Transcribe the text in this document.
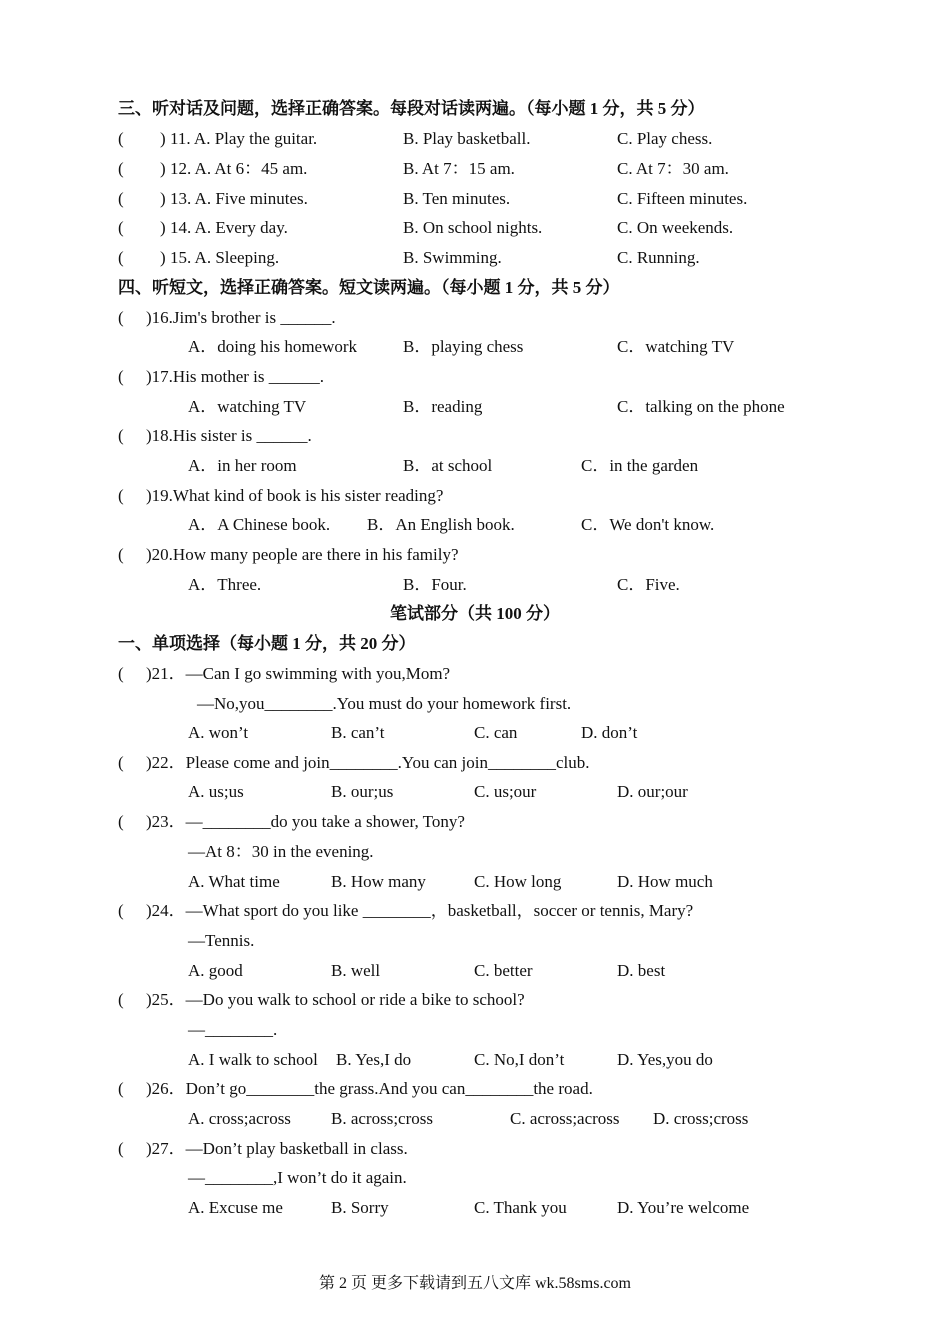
三、听对话及问题，选择正确答案。每段对话读两遍。（每小题 1 分，共 5 分）
( ) 11. A. Play the guitar.	B. Play basketball.	C. Play chess.
( ) 12. A. At 6：45 am.	B. At 7：15 am.	C. At 7：30 am.
( ) 13. A. Five minutes.	B. Ten minutes.	C. Fifteen minutes.
( ) 14. A. Every day.	B. On school nights.	C. On weekends.
( ) 15. A. Sleeping.	B. Swimming.	C. Running.
四、听短文，选择正确答案。短文读两遍。（每小题 1 分，共 5 分）
( )16.Jim's brother is ______.
A．doing his homework	B．playing chess	C．watching TV
( )17.His mother is ______.
A．watching TV	B．reading	C．talking on the phone
( )18.His sister is ______.
A．in her room	B．at school	C．in the garden
( )19.What kind of book is his sister reading?
A．A Chinese book. B．An English book.	C．We don't know.
( )20.How many people are there in his family?
A．Three.	B．Four.	C．Five.
笔试部分（共 100 分）
一、单项选择（每小题 1 分，共 20 分）
( )21．—Can I go swimming with you,Mom?
—No,you________.You must do your homework first.
A. won’t	B. can’t	C. can	D. don’t
( )22．Please come and join________.You can join________club.
A. us;us	B. our;us	C. us;our	D. our;our
( )23．—________do you take a shower, Tony?
—At 8：30 in the evening.
A. What time	B. How many	C. How long	D. How much
( )24．—What sport do you like ________，basketball，soccer or tennis, Mary?
—Tennis.
A. good	B. well	C. better	D. best
( )25．—Do you walk to school or ride a bike to school?
—________.
A. I walk to school B. Yes,I do	C. No,I don’t	D. Yes,you do
( )26．Don’t go________the grass.And you can________the road.
A. cross;across B. across;cross	C. across;across D. cross;cross
( )27．—Don’t play basketball in class.
—________,I won’t do it again.
A. Excuse me	B. Sorry	C. Thank you	D. You’re welcome
第 2 页 更多下载请到五八文库 wk.58sms.com
